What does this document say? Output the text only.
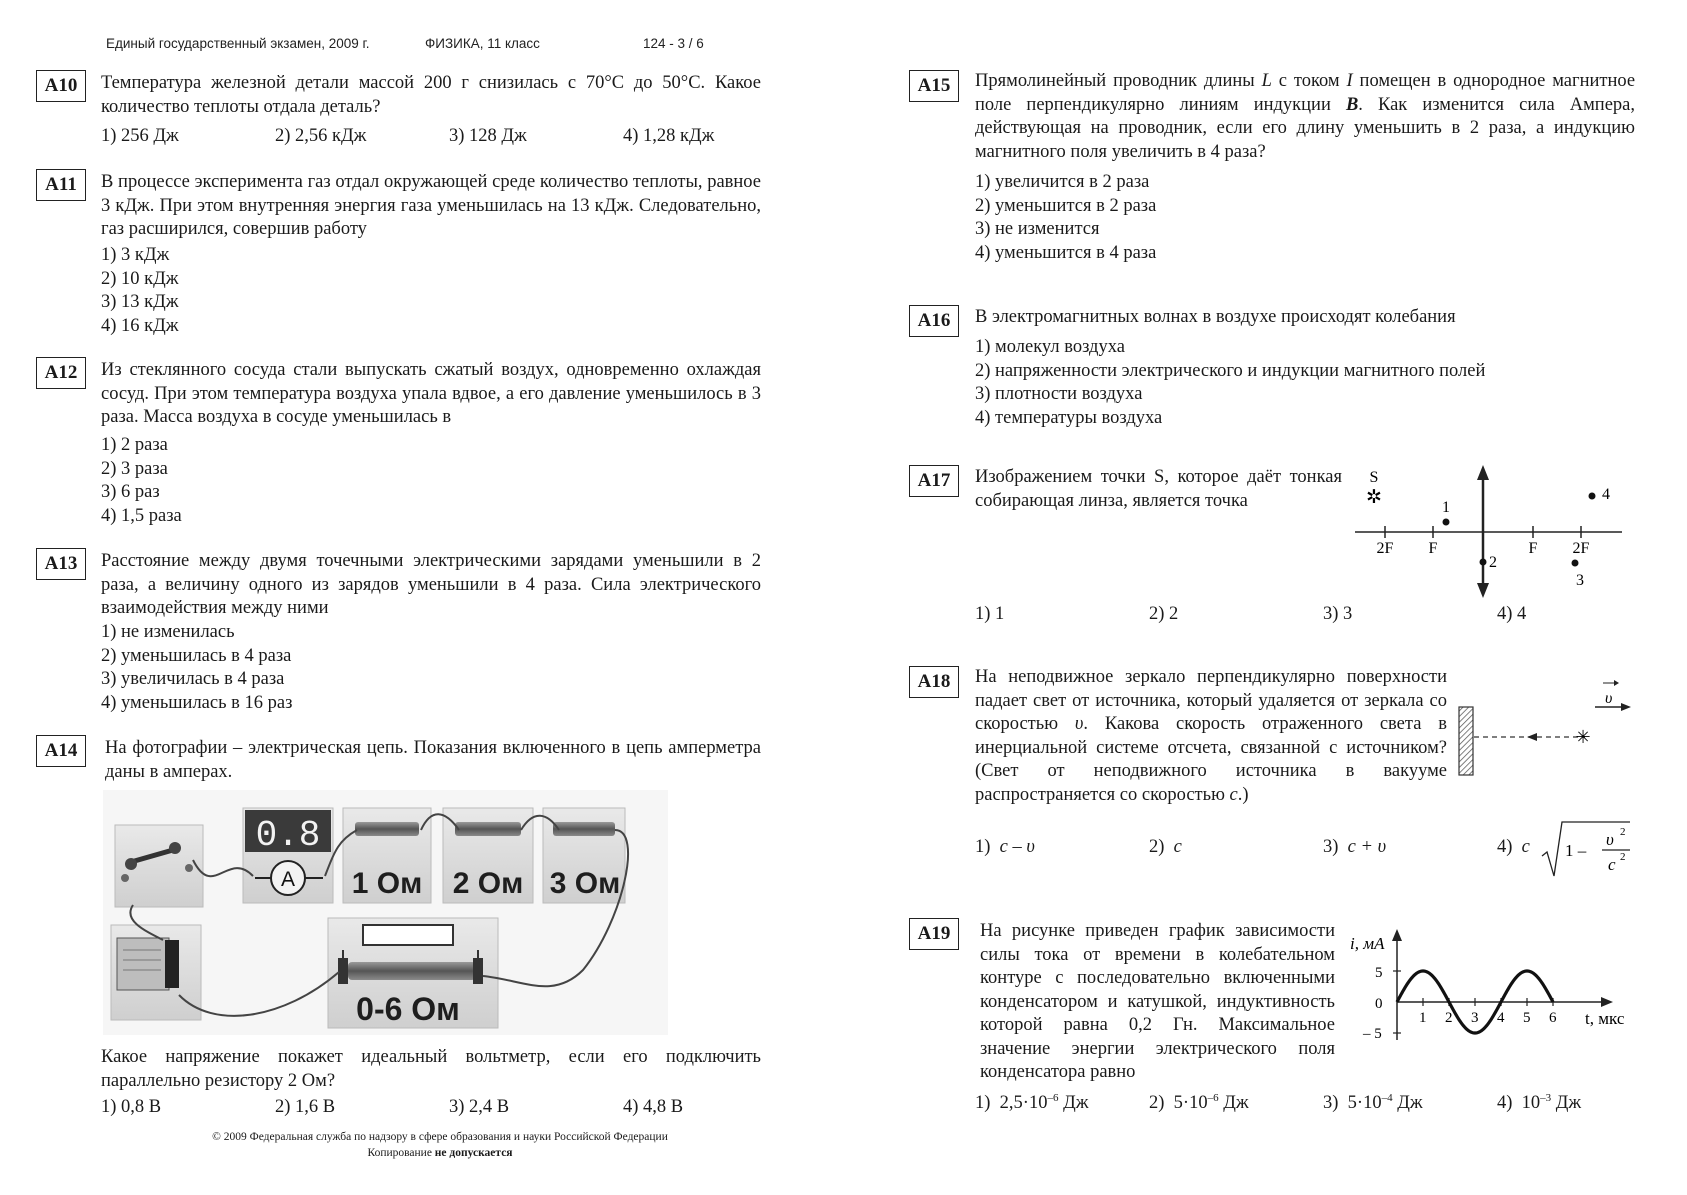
Единый государственный экзамен, 2009 г.	ФИЗИКА, 11 класс	124 - 3 / 6
A10	Температура железной детали массой 200 г снизилась с 70°С до 50°С. Какое количество теплоты отдала деталь?
1) 256 Дж	2) 2,56 кДж	3) 128 Дж	4) 1,28 кДж
A11	В процессе эксперимента газ отдал окружающей среде количество теплоты, равное 3 кДж. При этом внутренняя энергия газа уменьшилась на 13 кДж. Следовательно, газ расширился, совершив работу
1) 3 кДж
2) 10 кДж
3) 13 кДж
4) 16 кДж
A12	Из стеклянного сосуда стали выпускать сжатый воздух, одновременно охлаждая сосуд. При этом температура воздуха упала вдвое, а его давление уменьшилось в 3 раза. Масса воздуха в сосуде уменьшилась в
1) 2 раза
2) 3 раза
3) 6 раз
4) 1,5 раза
A13	Расстояние между двумя точечными электрическими зарядами уменьшили в 2 раза, а величину одного из зарядов уменьшили в 4 раза. Сила электрического взаимодействия между ними
1) не изменилась
2) уменьшилась в 4 раза
3) увеличилась в 4 раза
4) уменьшилась в 16 раз
A14	На фотографии – электрическая цепь. Показания включенного в цепь амперметра даны в амперах.
0.8
A 1 Ом 2 Ом 3 Ом
0-6 Ом
Какое напряжение покажет идеальный вольтметр, если его подключить параллельно резистору 2 Ом?
1) 0,8 В	2) 1,6 В	3) 2,4 В	4) 4,8 В
© 2009 Федеральная служба по надзору в сфере образования и науки Российской Федерации
Копирование не допускается
A15	Прямолинейный проводник длины L с током I помещен в однородное магнитное поле перпендикулярно линиям индукции B. Как изменится сила Ампера, действующая на проводник, если его длину уменьшить в 2 раза, а индукцию магнитного поля увеличить в 4 раза?
1) увеличится в 2 раза
2) уменьшится в 2 раза
3) не изменится
4) уменьшится в 4 раза
A16	В электромагнитных волнах в воздухе происходят колебания
1) молекул воздуха
2) напряженности электрического и индукции магнитного полей
3) плотности воздуха
4) температуры воздуха
A17	Изображением точки S, которое даёт тонкая собирающая линза, является точка
2F F	F 2F
S
✲	1
2
3
4
1) 1	2) 2	3) 3	4) 4
A18	На неподвижное зеркало перпендикулярно поверхности падает свет от источника, который удаляется от зеркала со скоростью υ. Какова скорость отраженного света в инерциальной системе отсчета, связанной с источником? (Свет от неподвижного источника в вакууме распространяется со скоростью c.)
✳
υ
1) c – υ	2) c	3) c + υ	4) c 1 –
υ 2
c 2
A19	На рисунке приведен график зависимости силы тока от времени в колебательном контуре с последовательно включенными конденсатором и катушкой, индуктивность которой равна 0,2 Гн. Максимальное значение энергии электрического поля конденсатора равно
i, мА
t, мкс
5
0
– 5
1 2 3 4 5 6
1) $2,5\cdot 10^{-6}$ Дж	2) $5\cdot 10^{-6}$ Дж	3) $5\cdot 10^{-4}$ Дж	4) $10^{-3}$ Дж
